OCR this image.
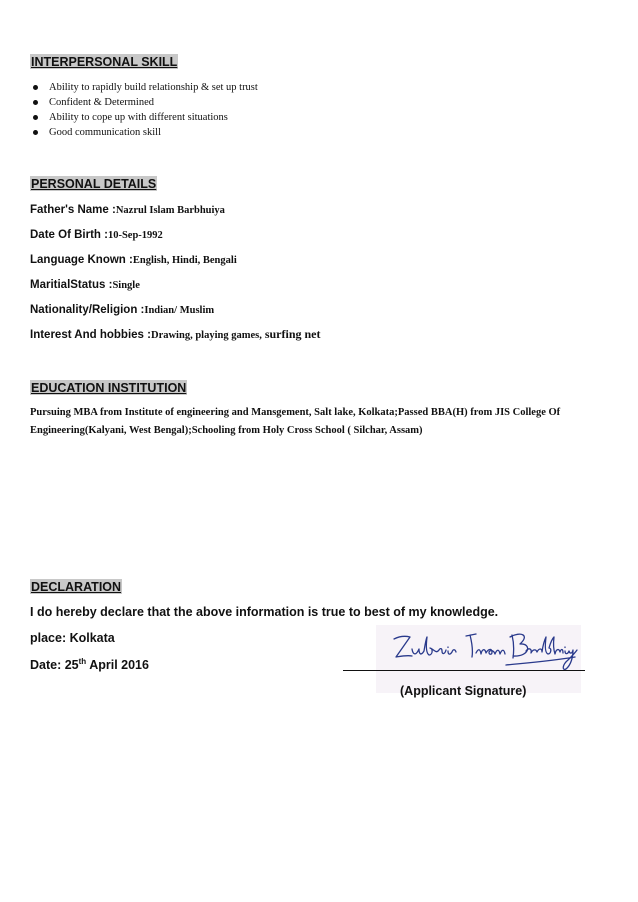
INTERPERSONAL SKILL
Ability to rapidly build relationship & set up trust
Confident & Determined
Ability to cope up with different situations
Good communication skill
PERSONAL DETAILS
Father's Name :Nazrul Islam Barbhuiya
Date Of Birth :10-Sep-1992
Language Known :English, Hindi, Bengali
MaritialStatus :Single
Nationality/Religion :Indian/ Muslim
Interest And hobbies :Drawing, playing games, surfing net
EDUCATION INSTITUTION
Pursuing MBA from Institute of engineering and Mansgement, Salt lake, Kolkata;Passed BBA(H) from JIS College Of Engineering(Kalyani, West Bengal);Schooling from Holy Cross School ( Silchar, Assam)
DECLARATION
I do hereby declare that the above information is true to best of my knowledge.
place: Kolkata
Date: 25th April 2016
(Applicant Signature)
